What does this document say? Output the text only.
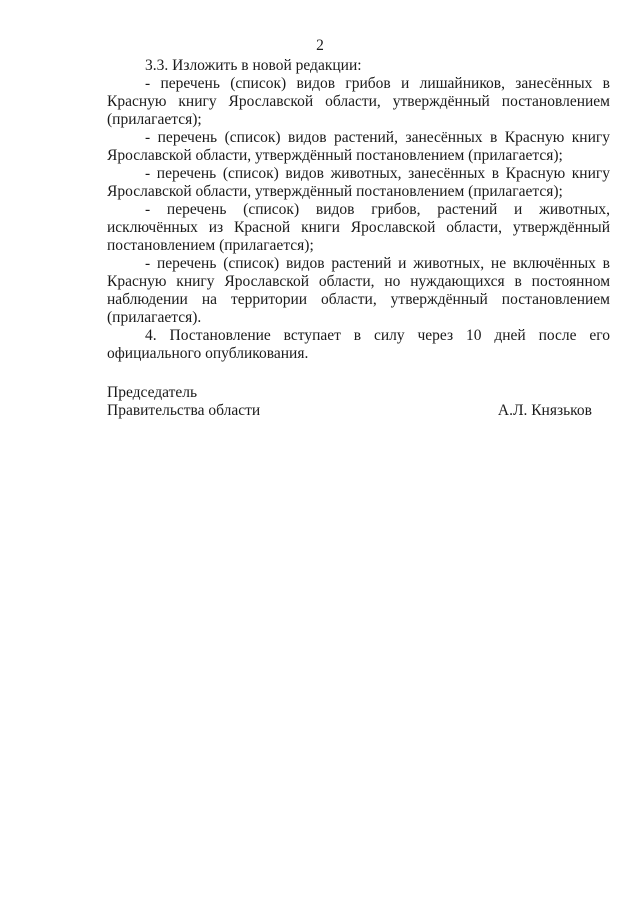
2

3.3. Изложить в новой редакции:

- перечень (список) видов грибов и лишайников, занесённых в Красную книгу Ярославской области, утверждённый постановлением (прилагается);

- перечень (список) видов растений, занесённых в Красную книгу Ярославской области, утверждённый постановлением (прилагается);

- перечень (список) видов животных, занесённых в Красную книгу Ярославской области, утверждённый постановлением (прилагается);

- перечень (список) видов грибов, растений и животных, исключённых из Красной книги Ярославской области, утверждённый постановлением (прилагается);

- перечень (список) видов растений и животных, не включённых в Красную книгу Ярославской области, но нуждающихся в постоянном наблюдении на территории области, утверждённый постановлением (прилагается).

4. Постановление вступает в силу через 10 дней после его официального опубликования.

Председатель
Правительства области	А.Л. Князьков
